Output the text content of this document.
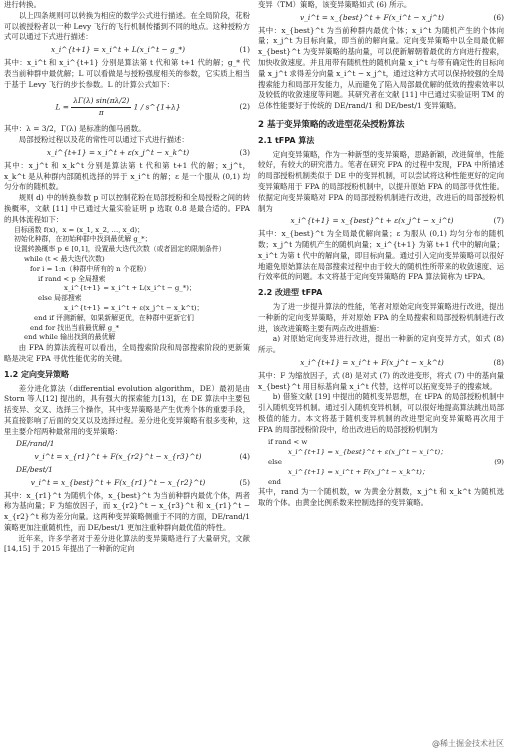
进行转换。

以上四条规则可以转换为相应的数学公式进行描述。在全局阶段，花粉可以被授粉者以一种 Levy 飞行的飞行机制传播到不同的地点。这种授粉方式可以通过下式进行描述：

x_i^{t+1} = x_i^t + L(x_i^t − g_*)	(1)

其中：x_i^t 和 x_i^{t+1} 分别是算法第 t 代和第 t+1 代的解；g_* 代表当前种群中最优解；L 可以看做是与授粉强度相关的参数，它实质上相当于基于 Levy 飞行的步长参数。L 的计算公式如下：

$L = \frac{\lambda\Gamma(\lambda) \sin(\pi\lambda/2)}{\pi} 1$ / s^{1+λ}	(2)

其中：λ = 3/2，Γ(λ) 是标准的伽马函数。

局部授粉过程以及花的常性可以通过下式进行描述：

x_i^{t+1} = x_i^t + ε(x_j^t − x_k^t)	(3)

其中：x_j^t 和 x_k^t 分别是算法第 t 代和第 t+1 代的解；x_j^t，x_k^t 是从种群内部随机选择的异于 x_i^t 的解；ε 是一个服从 (0,1) 均匀分布的随机数。

规则 d) 中的转换参数 p 可以控制花粉在局部授粉和全局授粉之间的转换概率，文献 [11] 中已通过大量实验证明 p 选取 0.8 是最合适的。FPA 的具体流程如下：

目标函数 f(x)，x = (x_1, x_2, …, x_d)；
初始化种群，在初始种群中找到最优解 g_*；
设置转换概率 p ∈ [0,1]，设置最大迭代次数（或者固定的限制条件）
while (t < 最大迭代次数)
for i = 1:n（种群中所有的 n 个花粉）
if rand < p 全局搜索
x_i^{t+1} = x_i^t + L(x_i^t − g_*)；
else 局部搜索
x_i^{t+1} = x_i^t + ε(x_j^t − x_k^t)；
end if 评测新解，如果新解更优，在种群中更新它们
end for 找出当前最优解 g_*
end while 输出找到的最优解

由 FPA 的算法流程可以看出，全局搜索阶段和局部搜索阶段的更新策略是决定 FPA 寻优性能优劣的关键。

1.2 定向变异策略

差分进化算法（differential evolution algorithm，DE）最初是由 Storn 等人[12] 提出的，具有强大的探索能力[13]，在 DE 算法中主要包括变异、交叉、选择三个操作，其中变异策略是产生优秀个体的重要手段，其直接影响了后面的交叉以及选择过程。差分进化变异策略有很多变种，这里主要介绍两种最常用的变异策略：

DE/rand/1
v_i^t = x_{r1}^t + F(x_{r2}^t − x_{r3}^t)	(4)
DE/best/1
v_i^t = x_{best}^t + F(x_{r1}^t − x_{r2}^t)	(5)

其中：x_{r1}^t 为随机个体，x_{best}^t 为当前种群内最优个体，两者称为基向量；F 为缩放因子，而 x_{r2}^t − x_{r3}^t 和 x_{r1}^t − x_{r2}^t 称为差分向量。这两种变异策略侧重于不同的方面，DE/rand/1 策略更加注重随机性，而 DE/best/1 更加注重种群向最优值的特性。

近年来，许多学者对于差分进化算法的变异策略进行了大量研究，文献[14,15] 于 2015 年提出了一种新的定向

变异（TM）策略，该变异策略如式 (6) 所示。

v_i^t = x_{best}^t + F(x_i^t − x_j^t)	(6)

其中：x_{best}^t 为当前种群内最优个体；x_i^t 为随机产生的个体向量；x_j^t 为目标向量，即当前的解向量。定向变异策略中以全局最优解 x_{best}^t 为变异策略的基向量，可以使新解朝着最优的方向进行搜索，加快收敛速度。并且用带有随机性的随机向量 x_i^t 与带有确定性的目标向量 x_j^t 求得差分向量 x_i^t − x_j^t，通过这种方式可以保持较强的全局搜索能力和局部开发能力，从而避免了陷入局部最优解的低效的搜索效率以及较低的收敛速度等问题。其研究者在文献 [11] 中已通过实验证明 TM 的总体性能要好于传统的 DE/rand/1 和 DE/best/1 变异策略。

2 基于变异策略的改进型花朵授粉算法
2.1 tFPA 算法

定向变异策略，作为一种新型的变异策略，思路新颖，改进简单，性能较好，有较大的研究潜力。笔者在研究 FPA 的过程中发现，FPA 中所描述的局部授粉机制类似于 DE 中的变异机制，可以尝试将这种性能更好的定向变异策略用于 FPA 的局部授粉机制中，以提升原始 FPA 的局部寻优性能。依据定向变异策略对 FPA 的局部授粉机制进行改进，改进后的局部授粉机制为

x_i^{t+1} = x_{best}^t + ε(x_j^t − x_i^t)	(7)

其中：x_{best}^t 为全局最优解向量；ε 为服从 (0,1) 均匀分布的随机数；x_j^t 为随机产生的随机向量；x_i^{t+1} 为第 t+1 代中的解向量；x_i^t 为第 t 代中的解向量，即目标向量。通过引入定向变异策略可以很好地避免原始算法在局部搜索过程中由于较大的随机性所带来的收敛速度、运行效率低的问题。本文将基于定向变异策略的 FPA 算法简称为 tFPA。

2.2 改进型 tFPA

为了进一步提升算法的性能，笔者对原始定向变异策略进行改进，提出一种新的定向变异策略，并对原始 FPA 的全局搜索和局部授粉机制进行改进，该改进策略主要有两点改进措施：

a) 对原始定向变异进行改进，提出一种新的定向变异方式，如式 (8) 所示。

x_i^{t+1} = x_i^t + F(x_j^t − x_k^t)	(8)

其中：F 为缩放因子，式 (8) 是对式 (7) 的改进变形，将式 (7) 中的基向量 x_{best}^t 用目标基向量 x_i^t 代替，这样可以拓宽变异子的搜索域。

b) 借鉴文献 [19] 中提出的随机变异思想，在 tFPA 的局部授粉机制中引入随机变异机制。通过引入随机变异机制，可以很好地提高算法跳出局部极值的能力。本文将基于随机变异机制的改进型定向变异策略再次用于 FPA 的局部授粉阶段中，给出改进后的局部授粉机制为

if rand < w
x_i^{t+1} = x_{best}^t + ε(x_j^t − x_i^t)；
else
x_i^{t+1} = x_i^t + F(x_j^t − x_k^t)；
end
(9)

其中，rand 为一个随机数，w 为黄金分割数，x_j^t 和 x_k^t 为随机选取的个体。由黄金比例系数来控制选择的变异策略。

@稀土掘金技术社区
